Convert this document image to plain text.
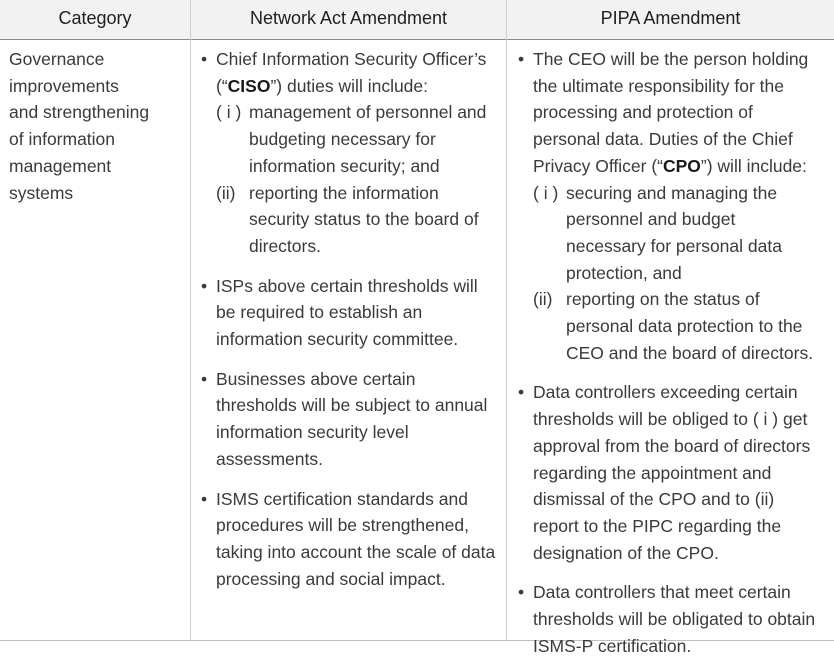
Category	Network Act Amendment	PIPA Amendment
Governance
improvements
and strengthening
of information
management
systems
• Chief Information Security Officer’s (“CISO”) duties will include:
( i ) management of personnel and budgeting necessary for information security; and
(ii) reporting the information security status to the board of directors.
• ISPs above certain thresholds will be required to establish an information security committee.
• Businesses above certain thresholds will be subject to annual information security level assessments.
• ISMS certification standards and procedures will be strengthened, taking into account the scale of data processing and social impact.
• The CEO will be the person holding the ultimate responsibility for the processing and protection of personal data. Duties of the Chief Privacy Officer (“CPO”) will include:
( i ) securing and managing the personnel and budget necessary for personal data protection, and
(ii) reporting on the status of personal data protection to the CEO and the board of directors.
• Data controllers exceeding certain thresholds will be obliged to ( i ) get approval from the board of directors regarding the appointment and dismissal of the CPO and to (ii) report to the PIPC regarding the designation of the CPO.
• Data controllers that meet certain thresholds will be obligated to obtain ISMS-P certification.
